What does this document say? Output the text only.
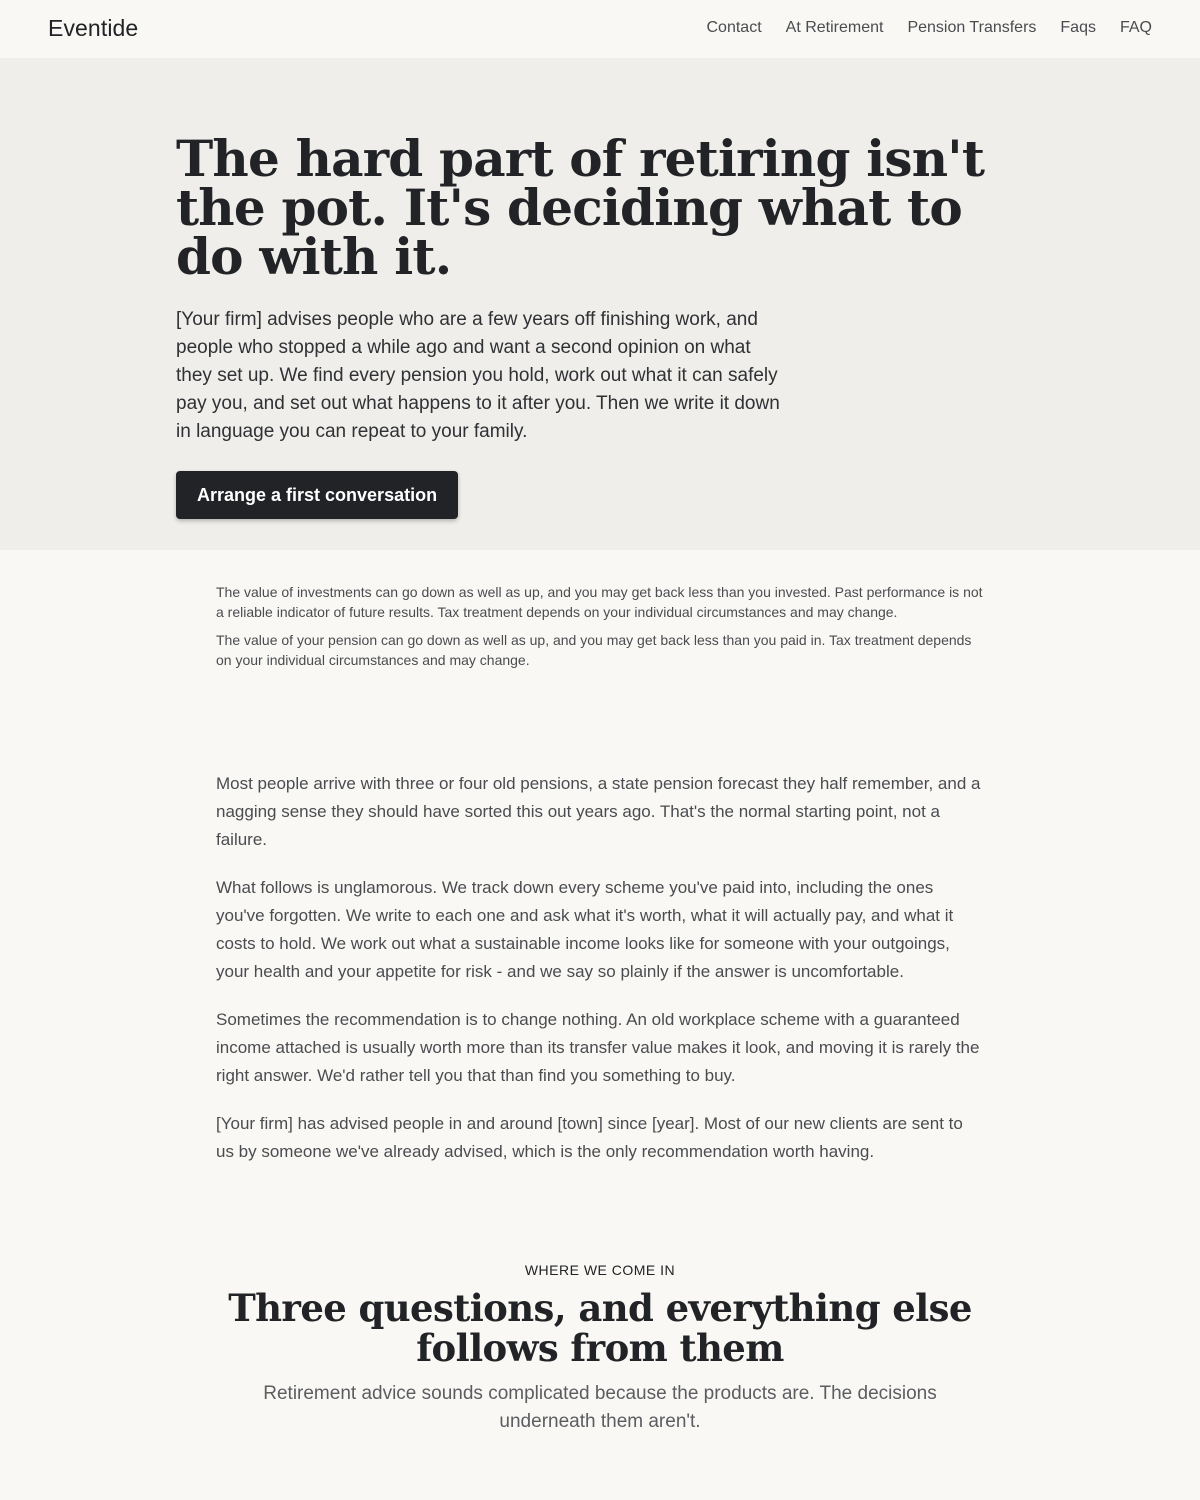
Eventide	Contact At Retirement Pension Transfers Faqs FAQ
The hard part of retiring isn't the pot. It's deciding what to do with it.

[Your firm] advises people who are a few years off finishing work, and people who stopped a while ago and want a second opinion on what they set up. We find every pension you hold, work out what it can safely pay you, and set out what happens to it after you. Then we write it down in language you can repeat to your family.

Arrange a first conversation

The value of investments can go down as well as up, and you may get back less than you invested. Past performance is not a reliable indicator of future results. Tax treatment depends on your individual circumstances and may change.

The value of your pension can go down as well as up, and you may get back less than you paid in. Tax treatment depends on your individual circumstances and may change.

Most people arrive with three or four old pensions, a state pension forecast they half remember, and a nagging sense they should have sorted this out years ago. That's the normal starting point, not a failure.

What follows is unglamorous. We track down every scheme you've paid into, including the ones you've forgotten. We write to each one and ask what it's worth, what it will actually pay, and what it costs to hold. We work out what a sustainable income looks like for someone with your outgoings, your health and your appetite for risk - and we say so plainly if the answer is uncomfortable.

Sometimes the recommendation is to change nothing. An old workplace scheme with a guaranteed income attached is usually worth more than its transfer value makes it look, and moving it is rarely the right answer. We'd rather tell you that than find you something to buy.

[Your firm] has advised people in and around [town] since [year]. Most of our new clients are sent to us by someone we've already advised, which is the only recommendation worth having.

WHERE WE COME IN

Three questions, and everything else follows from them

Retirement advice sounds complicated because the products are. The decisions underneath them aren't.
